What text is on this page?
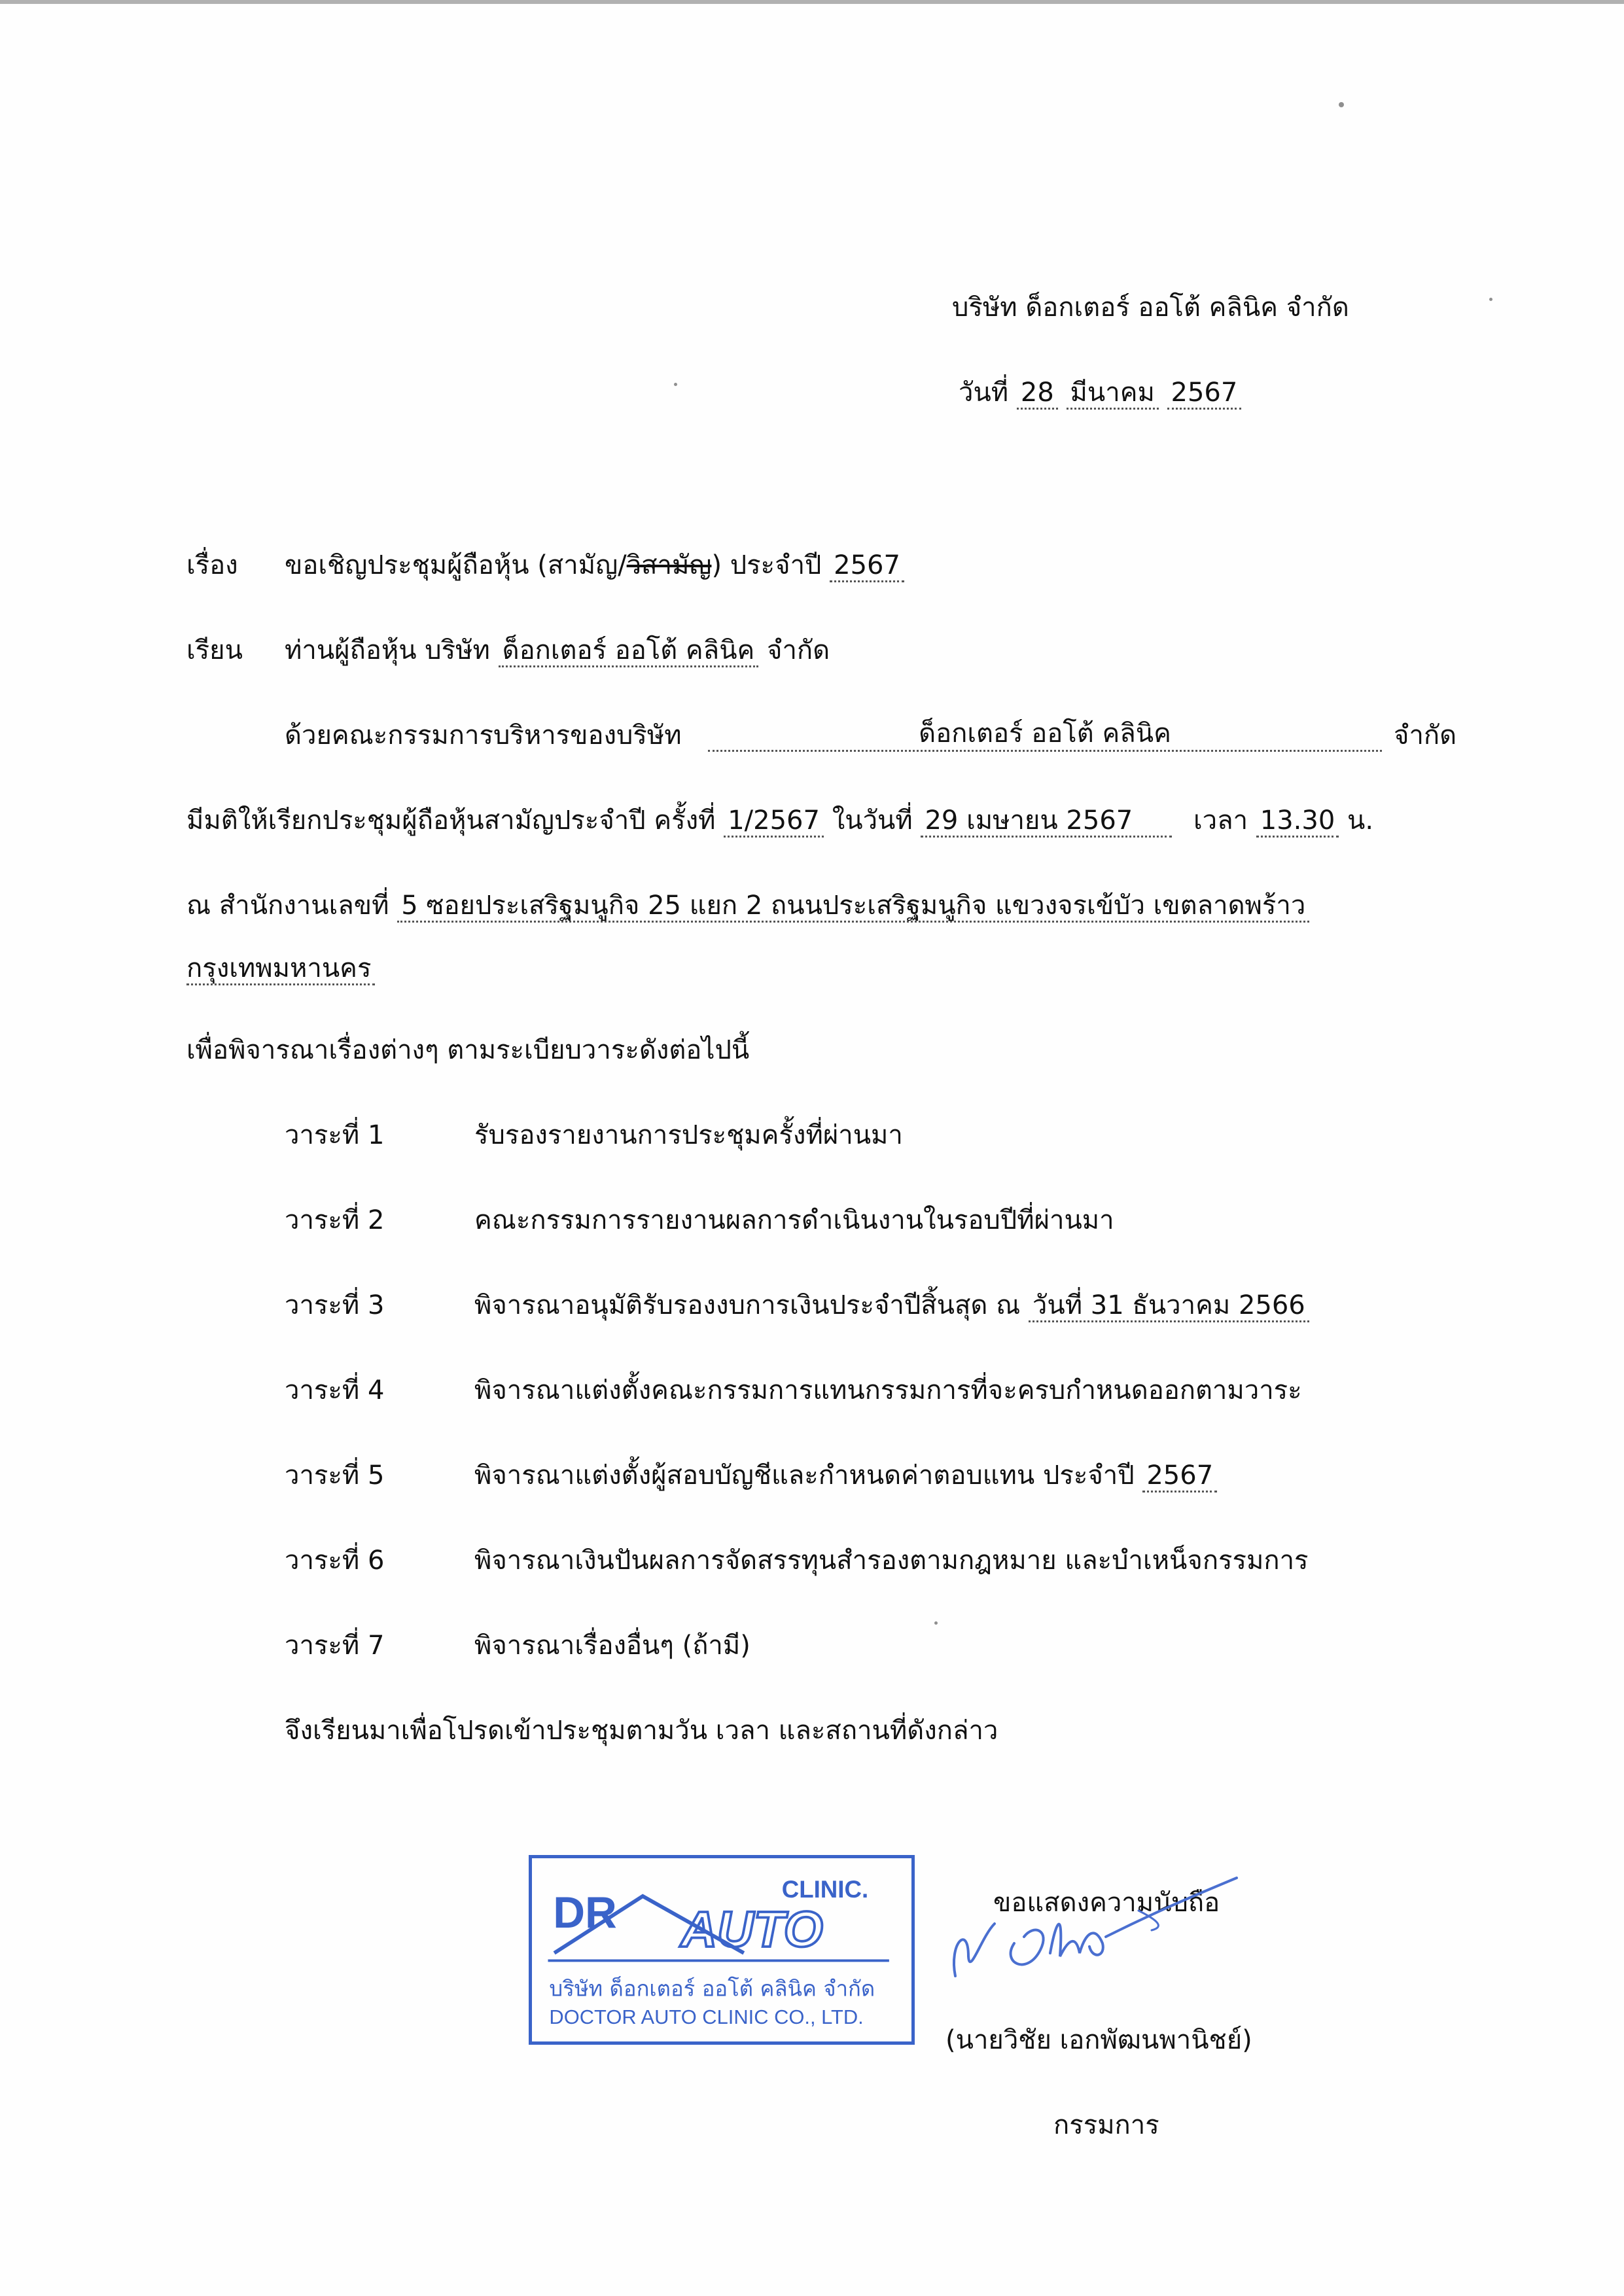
บริษัท ด็อกเตอร์ ออโต้ คลินิค จำกัด
วันที่ 28 มีนาคม 2567
เรื่อง ขอเชิญประชุมผู้ถือหุ้น (สามัญ/วิสามัญ) ประจำปี 2567
เรียน ท่านผู้ถือหุ้น บริษัท ด็อกเตอร์ ออโต้ คลินิค จำกัด
ด้วยคณะกรรมการบริหารของบริษัท	ด็อกเตอร์ ออโต้ คลินิค	จำกัด
มีมติให้เรียกประชุมผู้ถือหุ้นสามัญประจำปี ครั้งที่ 1/2567 ในวันที่ 29 เมษายน 2567 เวลา 13.30 น.
ณ สำนักงานเลขที่ 5 ซอยประเสริฐมนูกิจ 25 แยก 2 ถนนประเสริฐมนูกิจ แขวงจรเข้บัว เขตลาดพร้าว
กรุงเทพมหานคร
เพื่อพิจารณาเรื่องต่างๆ ตามระเบียบวาระดังต่อไปนี้
วาระที่ 1	รับรองรายงานการประชุมครั้งที่ผ่านมา
วาระที่ 2	คณะกรรมการรายงานผลการดำเนินงานในรอบปีที่ผ่านมา
วาระที่ 3	พิจารณาอนุมัติรับรองงบการเงินประจำปีสิ้นสุด ณ วันที่ 31 ธันวาคม 2566
วาระที่ 4	พิจารณาแต่งตั้งคณะกรรมการแทนกรรมการที่จะครบกำหนดออกตามวาระ
วาระที่ 5	พิจารณาแต่งตั้งผู้สอบบัญชีและกำหนดค่าตอบแทน ประจำปี 2567
วาระที่ 6	พิจารณาเงินปันผลการจัดสรรทุนสำรองตามกฎหมาย และบำเหน็จกรรมการ
วาระที่ 7	พิจารณาเรื่องอื่นๆ (ถ้ามี)
จึงเรียนมาเพื่อโปรดเข้าประชุมตามวัน เวลา และสถานที่ดังกล่าว
CLINIC.
DR AUTO
บริษัท ด็อกเตอร์ ออโต้ คลินิค จำกัด
DOCTOR AUTO CLINIC CO., LTD.
ขอแสดงความนับถือ
(นายวิชัย เอกพัฒนพานิชย์)
กรรมการ
